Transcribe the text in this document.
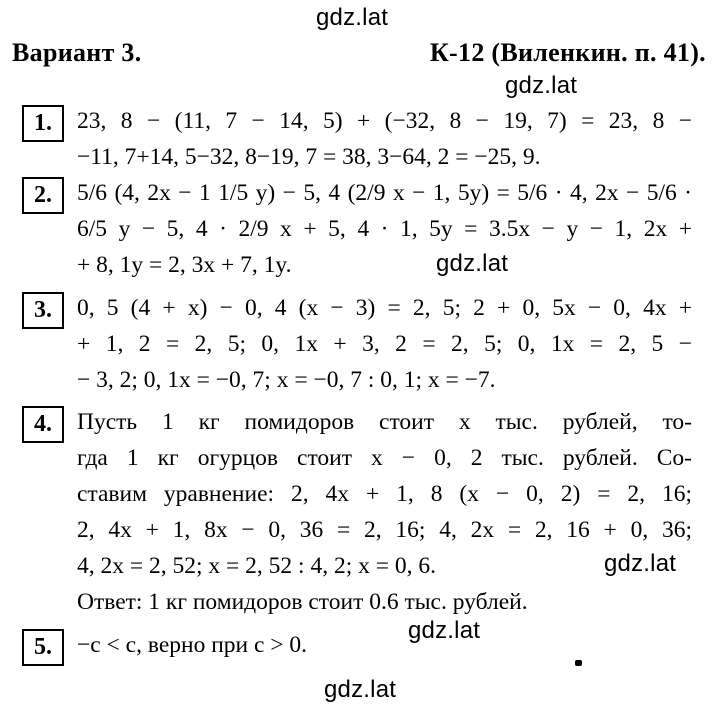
gdz.lat
gdz.lat
gdz.lat
gdz.lat
gdz.lat
gdz.lat
Вариант 3.	К-12 (Виленкин. п. 41).
1.	23, 8 − (11, 7 − 14, 5) + (−32, 8 − 19, 7) = 23, 8 −
−11, 7+14, 5−32, 8−19, 7 = 38, 3−64, 2 = −25, 9.
2.	5/6 (4, 2x − 1 1/5 y) − 5, 4 (2/9 x − 1, 5y) = 5/6 · 4, 2x − 5/6 ·
6/5 y − 5, 4 · 2/9 x + 5, 4 · 1, 5y = 3.5x − y − 1, 2x +
+ 8, 1y = 2, 3x + 7, 1y.
3.	0, 5 (4 + x) − 0, 4 (x − 3) = 2, 5; 2 + 0, 5x − 0, 4x +
+ 1, 2 = 2, 5; 0, 1x + 3, 2 = 2, 5; 0, 1x = 2, 5 −
− 3, 2; 0, 1x = −0, 7; x = −0, 7 : 0, 1; x = −7.
4.	Пусть 1 кг помидоров стоит x тыс. рублей, то-
гда 1 кг огурцов стоит x − 0, 2 тыс. рублей. Со-
ставим уравнение: 2, 4x + 1, 8 (x − 0, 2) = 2, 16;
2, 4x + 1, 8x − 0, 36 = 2, 16; 4, 2x = 2, 16 + 0, 36;
4, 2x = 2, 52; x = 2, 52 : 4, 2; x = 0, 6.
Ответ: 1 кг помидоров стоит 0.6 тыс. рублей.
5.	−c < c, верно при c > 0.
